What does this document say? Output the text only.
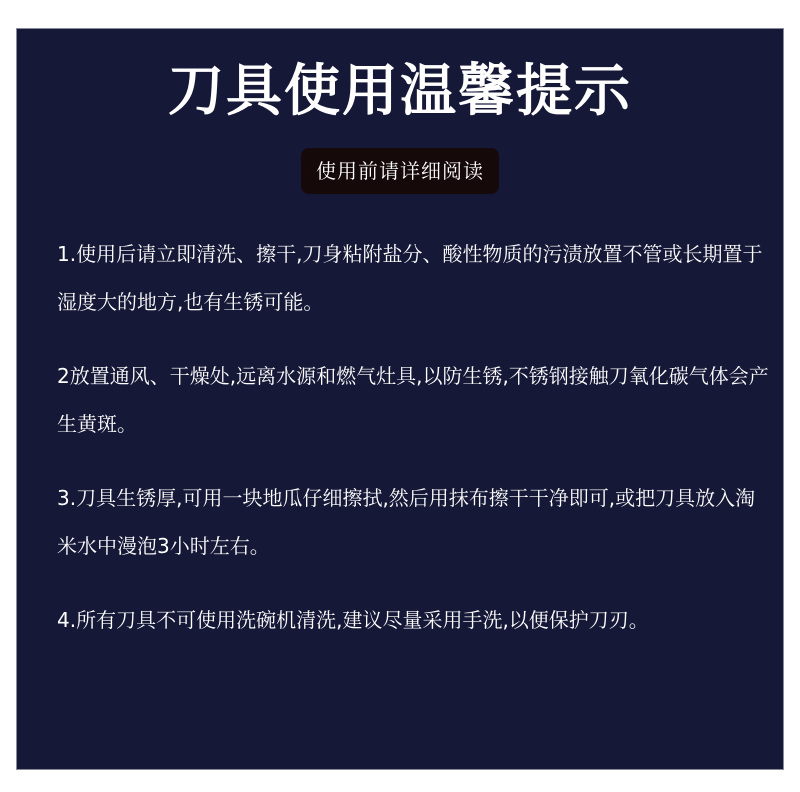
刀具使用温馨提示
使用前请详细阅读

1.使用后请立即清洗、擦干,刀身粘附盐分、酸性物质的污渍放置不管或长期置于湿度大的地方,也有生锈可能。

2放置通风、干燥处,远离水源和燃气灶具,以防生锈,不锈钢接触刀氧化碳气体会产生黄斑。

3.刀具生锈厚,可用一块地瓜仔细擦拭,然后用抹布擦干干净即可,或把刀具放入淘米水中漫泡3小时左右。

4.所有刀具不可使用洗碗机清洗,建议尽量采用手洗,以便保护刀刃。
